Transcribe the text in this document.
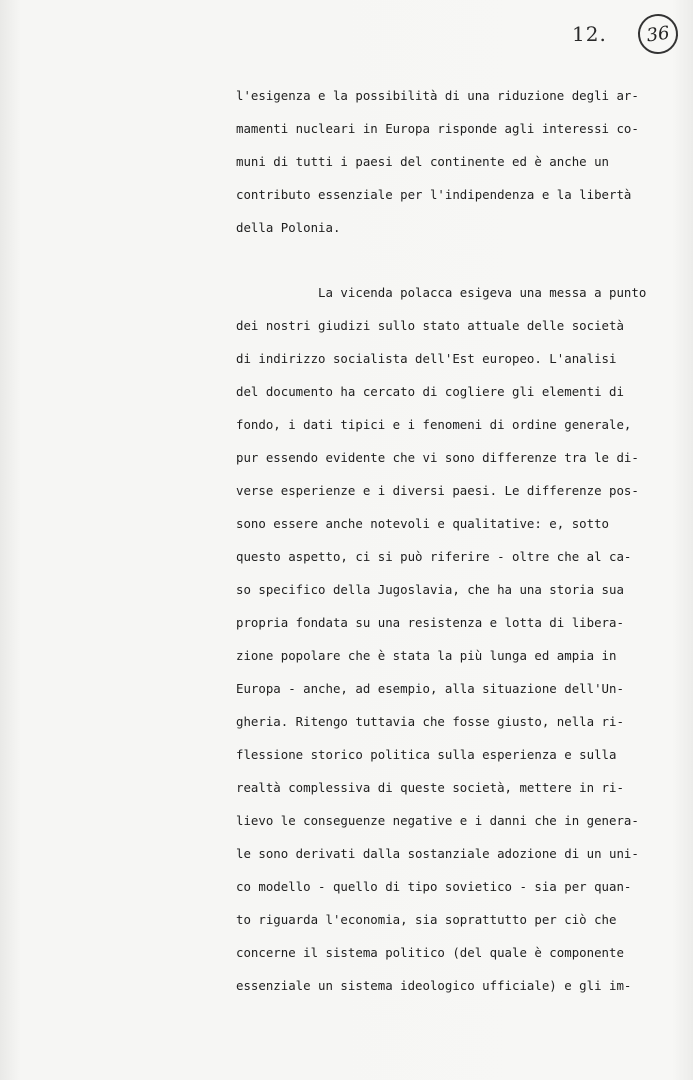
12.	36
l'esigenza e la possibilità di una riduzione degli ar-
mamenti nucleari in Europa risponde agli interessi co-
muni di tutti i paesi del continente ed è anche un
contributo essenziale per l'indipendenza e la libertà
della Polonia.
La vicenda polacca esigeva una messa a punto
dei nostri giudizi sullo stato attuale delle società
di indirizzo socialista dell'Est europeo. L'analisi
del documento ha cercato di cogliere gli elementi di
fondo, i dati tipici e i fenomeni di ordine generale,
pur essendo evidente che vi sono differenze tra le di-
verse esperienze e i diversi paesi. Le differenze pos-
sono essere anche notevoli e qualitative: e, sotto
questo aspetto, ci si può riferire - oltre che al ca-
so specifico della Jugoslavia, che ha una storia sua
propria fondata su una resistenza e lotta di libera-
zione popolare che è stata la più lunga ed ampia in
Europa - anche, ad esempio, alla situazione dell'Un-
gheria. Ritengo tuttavia che fosse giusto, nella ri-
flessione storico politica sulla esperienza e sulla
realtà complessiva di queste società, mettere in ri-
lievo le conseguenze negative e i danni che in genera-
le sono derivati dalla sostanziale adozione di un uni-
co modello - quello di tipo sovietico - sia per quan-
to riguarda l'economia, sia soprattutto per ciò che
concerne il sistema politico (del quale è componente
essenziale un sistema ideologico ufficiale) e gli im-
